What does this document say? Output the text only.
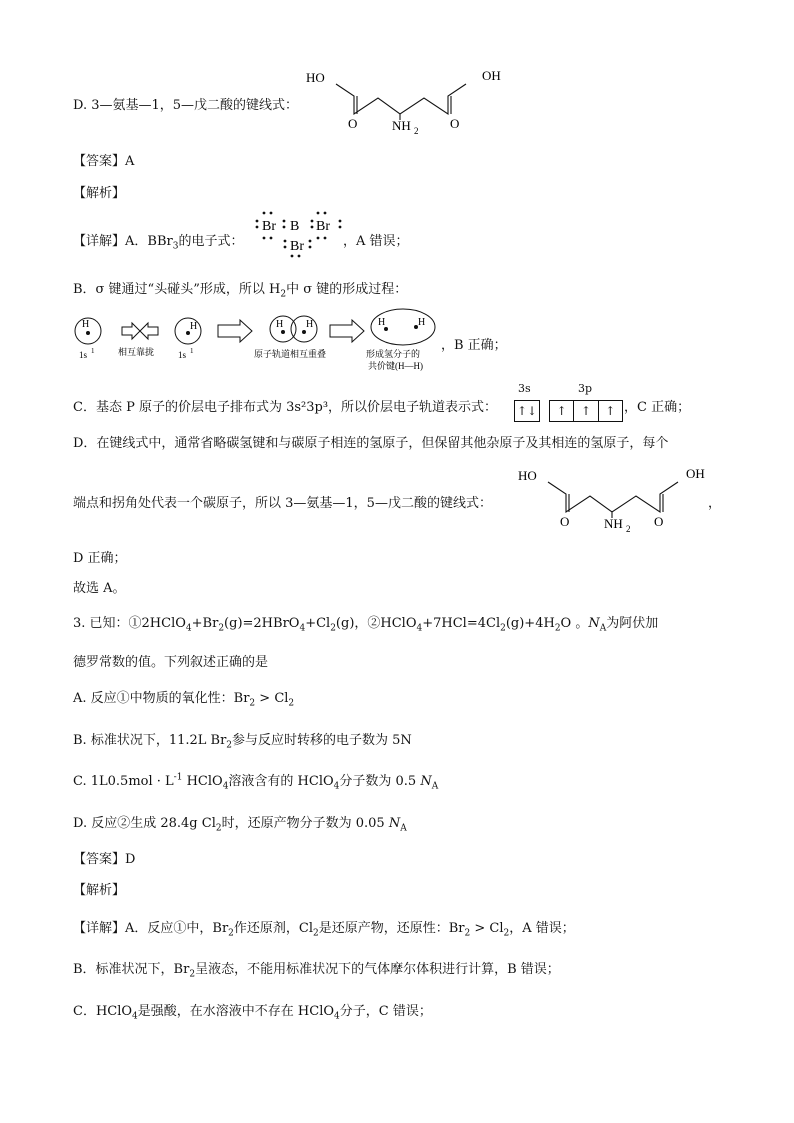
D. 3—氨基—1，5—戊二酸的键线式：
HO	OH
O	O
NH 2
【答案】A
【解析】
【详解】A．BBr$_3$的电子式：
Br B Br
Br	，A 错误；
B．σ 键通过“头碰头”形成，所以 $H_2$中 σ 键的形成过程：
H
1s 1	相互靠拢
H
1s 1
H H
原子轨道相互重叠
H	H
形成氢分子的
共价键(H—H)
，B 正确；
C．基态 P 原子的价层电子排布式为 3s²3p³，所以价层电子轨道表示式：
3s	3p
↑↓	↑	↑	↑ ，C 正确；
D．在键线式中，通常省略碳氢键和与碳原子相连的氢原子，但保留其他杂原子及其相连的氢原子，每个
端点和拐角处代表一个碳原子，所以 3—氨基—1，5—戊二酸的键线式：
HO	OH
O	O
NH 2
，
D 正确；
故选 A。
3. 已知：$①2HClO_4+Br_2(g)=2HBrO_4+Cl_2(g)$，$②HClO_4+7HCl=4Cl_2(g)+4H_2O$ 。$N_A$为阿伏加
德罗常数的值。下列叙述正确的是
A. 反应①中物质的氧化性：$Br_2 > Cl_2$
B. 标准状况下，11.2L $Br_2$参与反应时转移的电子数为 5N
C. $1L0.5mol \cdot L^{-1}$ HClO$_4$溶液含有的 HClO$_4$分子数为 0.5 $N_A$
D. 反应②生成 28.4g $Cl_2$时，还原产物分子数为 0.05 $N_A$
【答案】D
【解析】
【详解】A．反应①中，$Br_2$作还原剂，$Cl_2$是还原产物，还原性：$Br_2 > Cl_2$，A 错误；
B．标准状况下，$Br_2$呈液态，不能用标准状况下的气体摩尔体积进行计算，B 错误；
C．HClO$_4$是强酸，在水溶液中不存在 HClO$_4$分子，C 错误；
